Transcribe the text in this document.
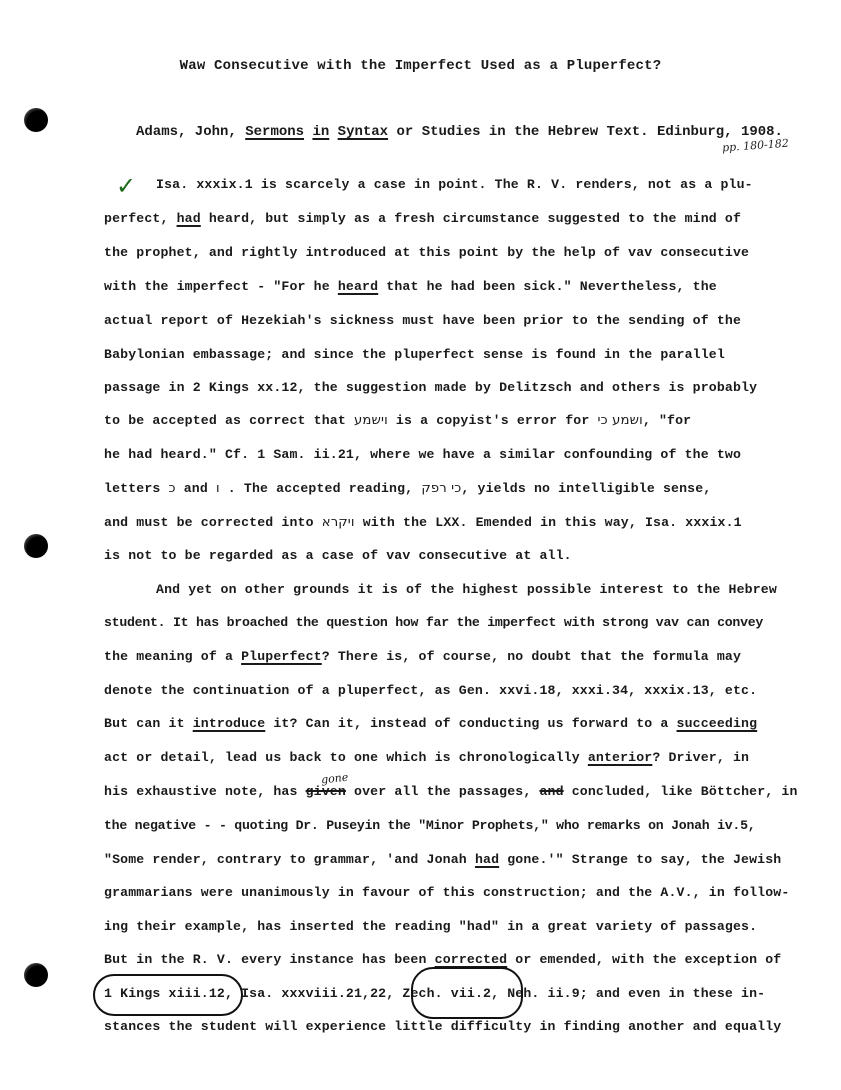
Waw Consecutive with the Imperfect Used as a Pluperfect?
Adams, John, Sermons in Syntax or Studies in the Hebrew Text. Edinburg, 1908.
pp. 180-182
✓ Isa. xxxix.1 is scarcely a case in point. The R. V. renders, not as a plu-
perfect, had heard, but simply as a fresh circumstance suggested to the mind of
the prophet, and rightly introduced at this point by the help of vav consecutive
with the imperfect - "For he heard that he had been sick." Nevertheless, the
actual report of Hezekiah's sickness must have been prior to the sending of the
Babylonian embassage; and since the pluperfect sense is found in the parallel
passage in 2 Kings xx.12, the suggestion made by Delitzsch and others is probably
to be accepted as correct that וישמע is a copyist's error for ושמע כי, "for
he had heard." Cf. 1 Sam. ii.21, where we have a similar confounding of the two
letters כ and ו . The accepted reading, כי רפק, yields no intelligible sense,
and must be corrected into ויקרא with the LXX. Emended in this way, Isa. xxxix.1
is not to be regarded as a case of vav consecutive at all.
And yet on other grounds it is of the highest possible interest to the Hebrew
student. It has broached the question how far the imperfect with strong vav can convey
the meaning of a Pluperfect? There is, of course, no doubt that the formula may
denote the continuation of a pluperfect, as Gen. xxvi.18, xxxi.34, xxxix.13, etc.
But can it introduce it? Can it, instead of conducting us forward to a succeeding
act or detail, lead us back to one which is chronologically anterior? Driver, in
gone
his exhaustive note, has given over all the passages, and concluded, like Böttcher, in
the negative - - quoting Dr. Puseyin the "Minor Prophets," who remarks on Jonah iv.5,
"Some render, contrary to grammar, 'and Jonah had gone.'" Strange to say, the Jewish
grammarians were unanimously in favour of this construction; and the A.V., in follow-
ing their example, has inserted the reading "had" in a great variety of passages.
But in the R. V. every instance has been corrected or emended, with the exception of
1 Kings xiii.12, Isa. xxxviii.21,22, Zech. vii.2, Neh. ii.9; and even in these in-
stances the student will experience little difficulty in finding another and equally
